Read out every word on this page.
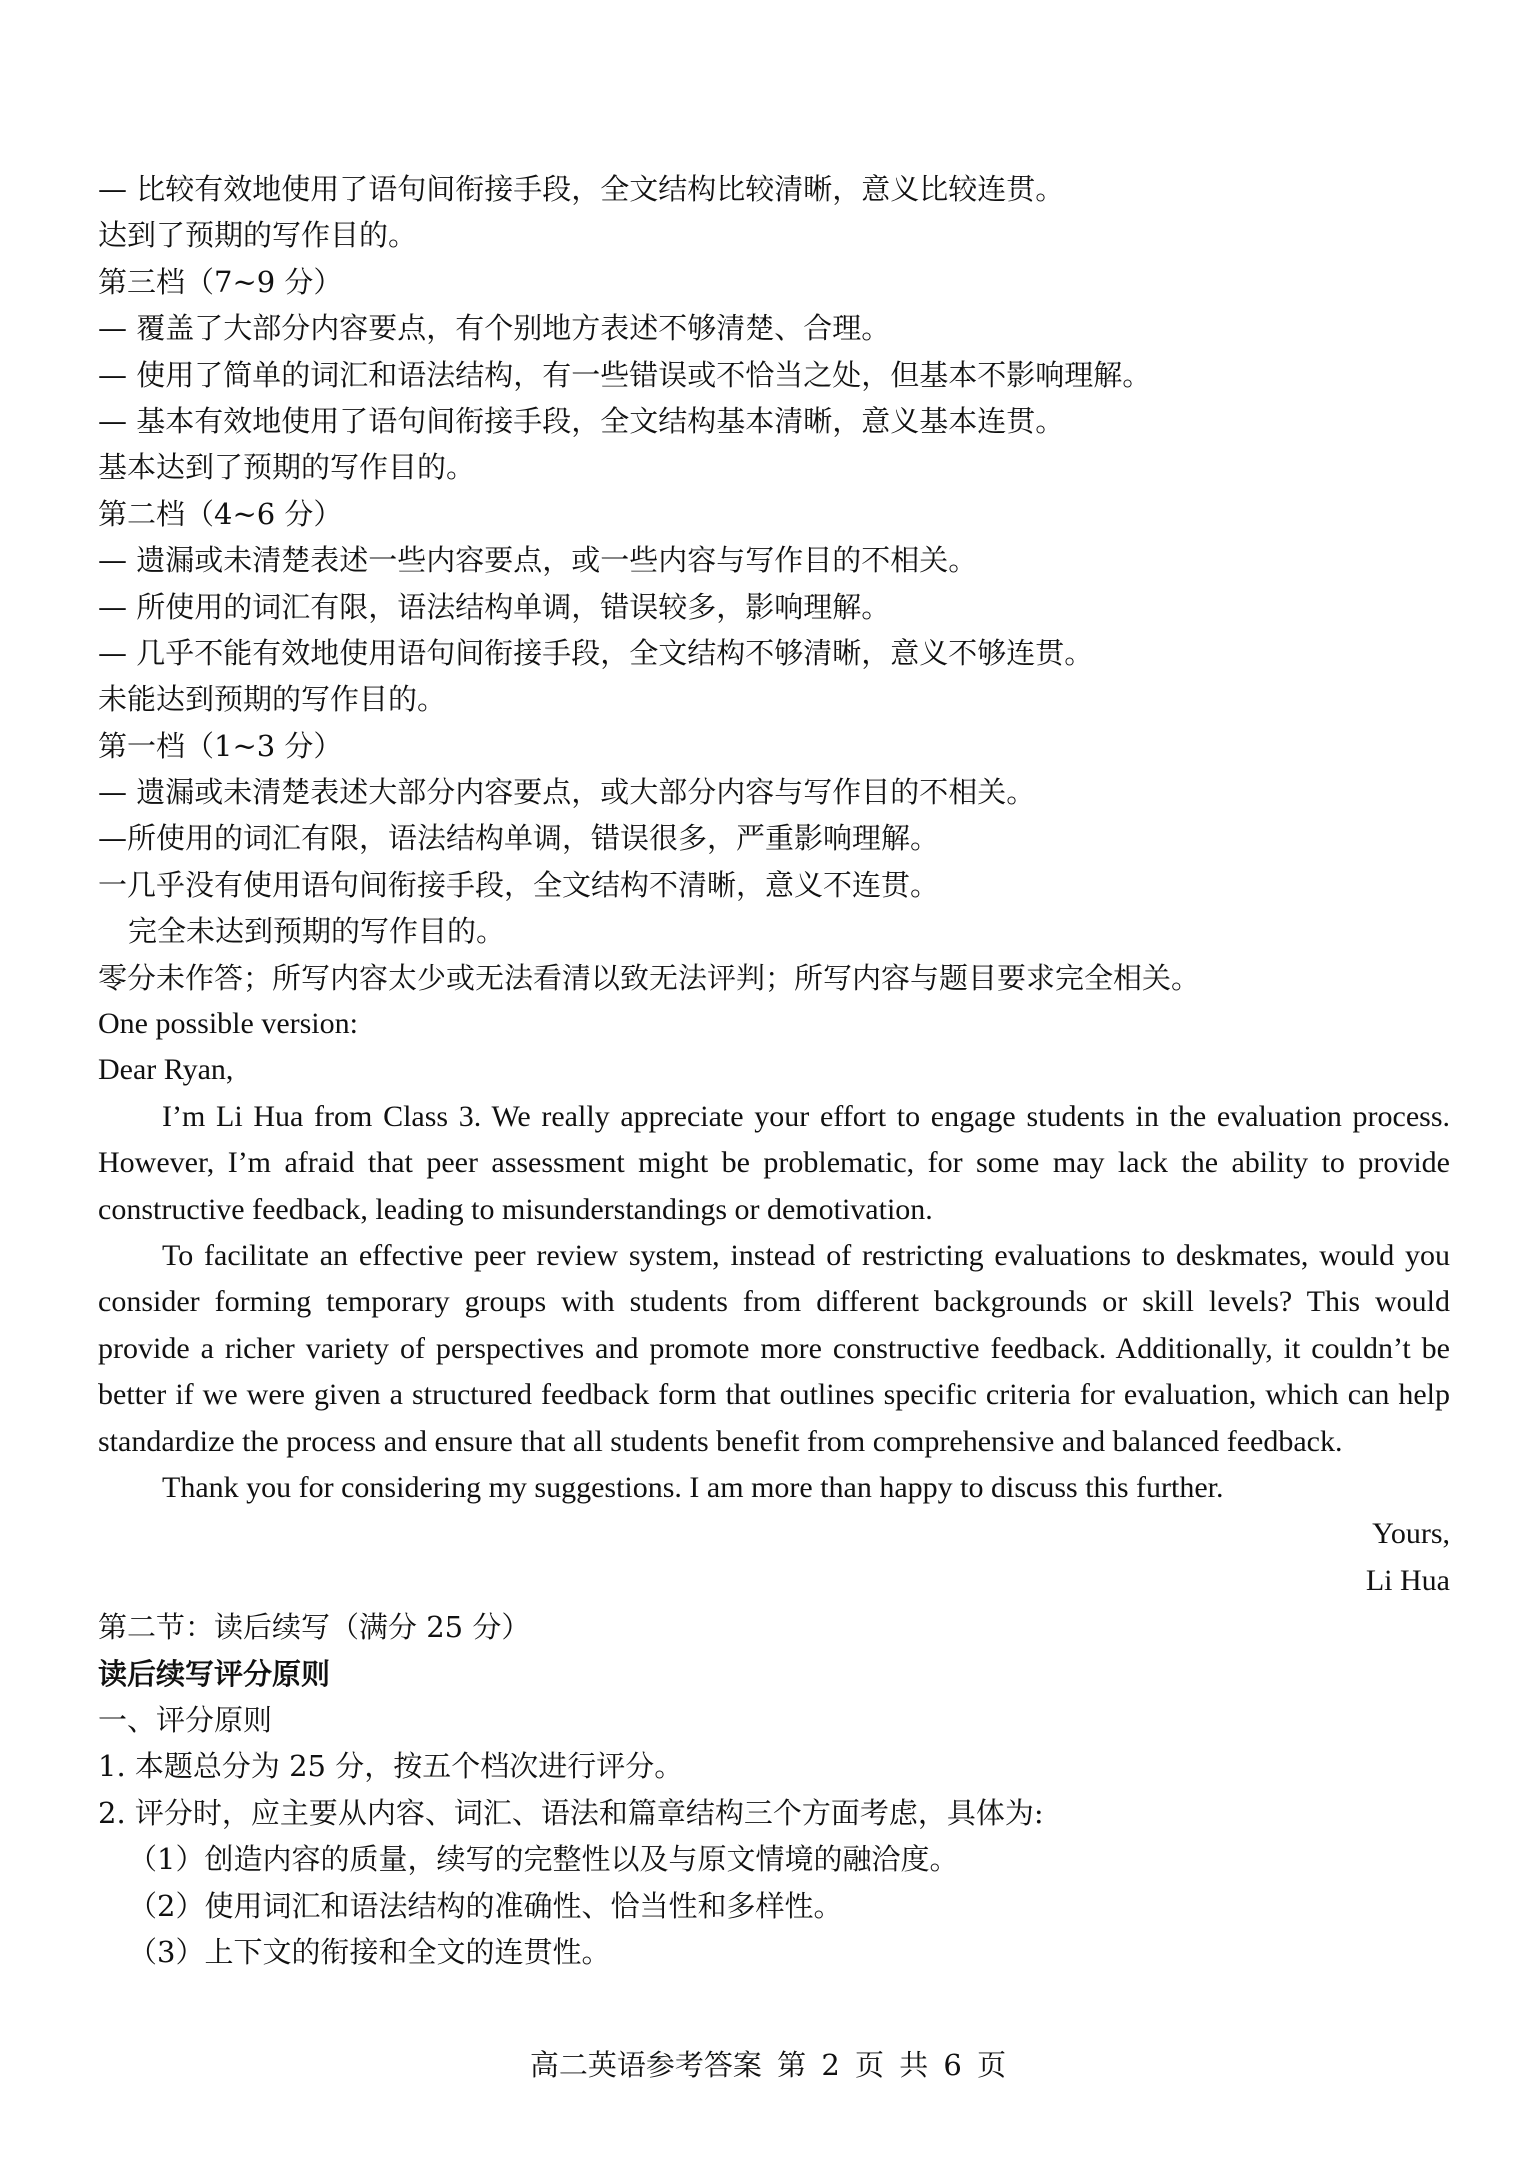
— 比较有效地使用了语句间衔接手段，全文结构比较清晰，意义比较连贯。
达到了预期的写作目的。
第三档（7~9 分）
— 覆盖了大部分内容要点，有个别地方表述不够清楚、合理。
— 使用了简单的词汇和语法结构，有一些错误或不恰当之处，但基本不影响理解。
— 基本有效地使用了语句间衔接手段，全文结构基本清晰，意义基本连贯。
基本达到了预期的写作目的。
第二档（4~6 分）
— 遗漏或未清楚表述一些内容要点，或一些内容与写作目的不相关。
— 所使用的词汇有限，语法结构单调，错误较多，影响理解。
— 几乎不能有效地使用语句间衔接手段，全文结构不够清晰，意义不够连贯。
未能达到预期的写作目的。
第一档（1~3 分）
— 遗漏或未清楚表述大部分内容要点，或大部分内容与写作目的不相关。
—所使用的词汇有限，语法结构单调，错误很多，严重影响理解。
一几乎没有使用语句间衔接手段，全文结构不清晰，意义不连贯。
完全未达到预期的写作目的。
零分未作答；所写内容太少或无法看清以致无法评判；所写内容与题目要求完全相关。
One possible version:
Dear Ryan,

I’m Li Hua from Class 3. We really appreciate your effort to engage students in the evaluation process. However, I’m afraid that peer assessment might be problematic, for some may lack the ability to provide constructive feedback, leading to misunderstandings or demotivation.

To facilitate an effective peer review system, instead of restricting evaluations to deskmates, would you consider forming temporary groups with students from different backgrounds or skill levels? This would provide a richer variety of perspectives and promote more constructive feedback. Additionally, it couldn’t be better if we were given a structured feedback form that outlines specific criteria for evaluation, which can help standardize the process and ensure that all students benefit from comprehensive and balanced feedback.

Thank you for considering my suggestions. I am more than happy to discuss this further.

Yours,
Li Hua
第二节：读后续写（满分 25 分）
读后续写评分原则
一、评分原则
1. 本题总分为 25 分，按五个档次进行评分。
2. 评分时，应主要从内容、词汇、语法和篇章结构三个方面考虑，具体为:
（1）创造内容的质量，续写的完整性以及与原文情境的融洽度。
（2）使用词汇和语法结构的准确性、恰当性和多样性。
（3）上下文的衔接和全文的连贯性。
高二英语参考答案 第 2 页 共 6 页
